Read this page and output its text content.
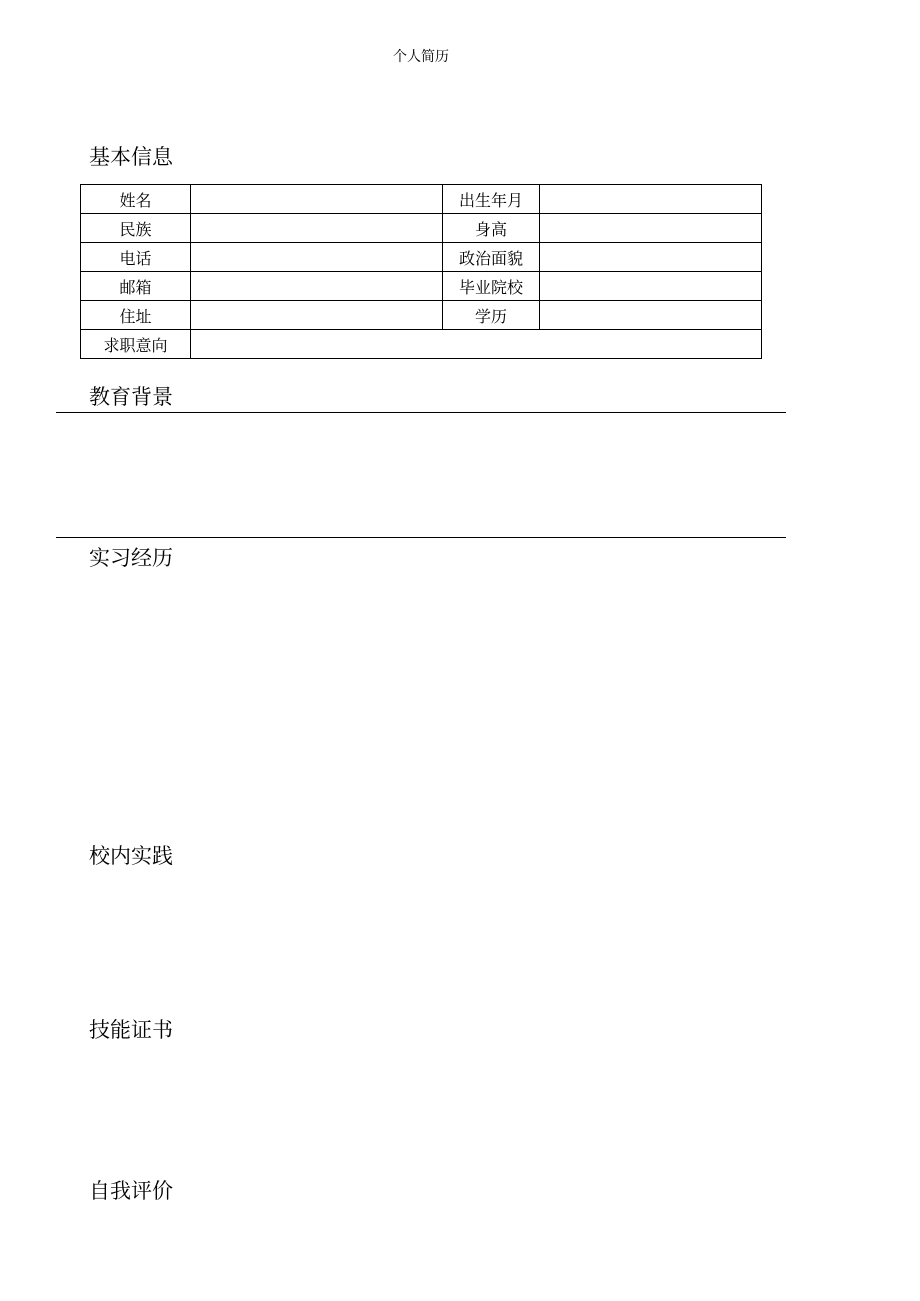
个人简历
基本信息
姓名		出生年月	
民族		身高	
电话		政治面貌	
邮箱		毕业院校	
住址		学历	
求职意向			
教育背景
实习经历
校内实践
技能证书
自我评价
